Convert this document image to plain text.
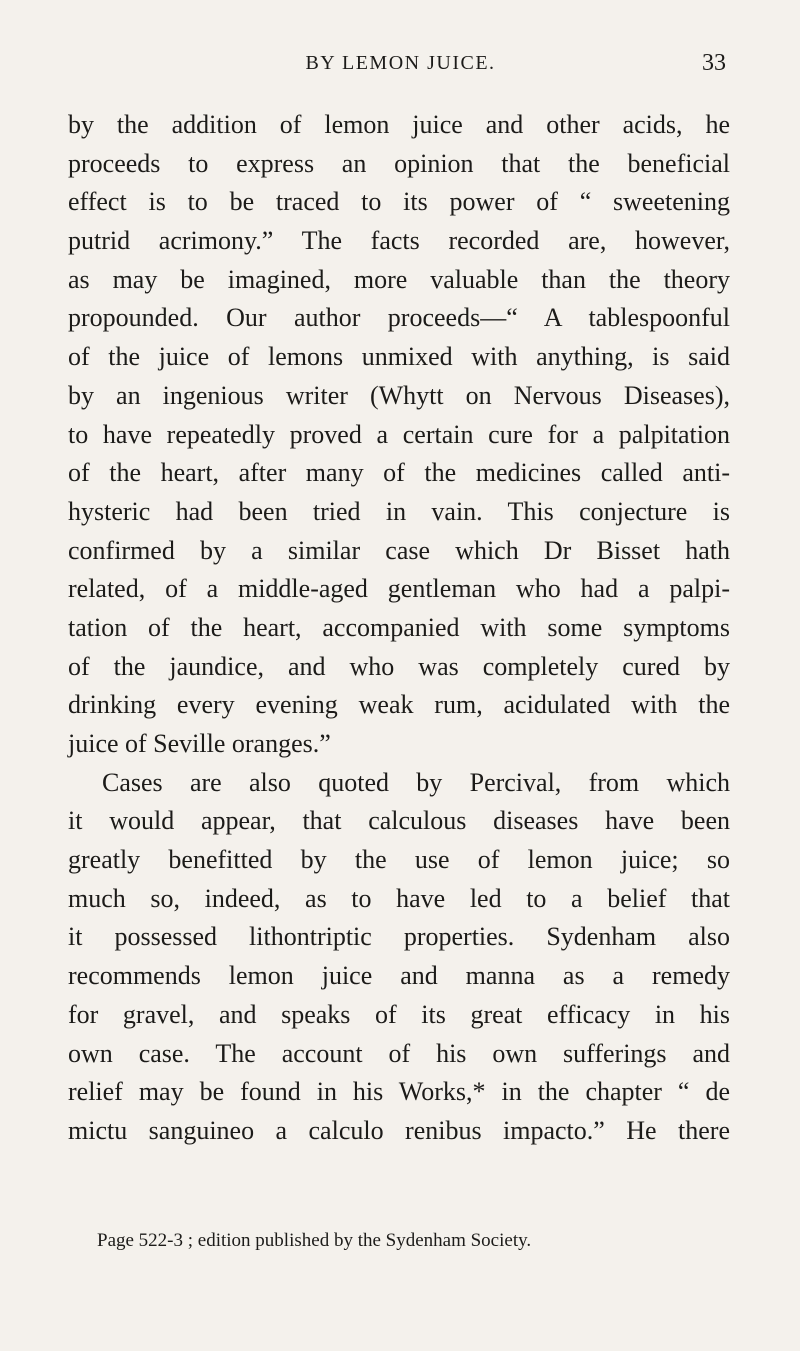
BY LEMON JUICE.	33
by the addition of lemon juice and other acids, he
proceeds to express an opinion that the beneficial
effect is to be traced to its power of “ sweetening
putrid acrimony.” The facts recorded are, however,
as may be imagined, more valuable than the theory
propounded. Our author proceeds—“ A tablespoonful
of the juice of lemons unmixed with anything, is said
by an ingenious writer (Whytt on Nervous Diseases),
to have repeatedly proved a certain cure for a palpitation
of the heart, after many of the medicines called anti-
hysteric had been tried in vain. This conjecture is
confirmed by a similar case which Dr Bisset hath
related, of a middle-aged gentleman who had a palpi-
tation of the heart, accompanied with some symptoms
of the jaundice, and who was completely cured by
drinking every evening weak rum, acidulated with the
juice of Seville oranges.”
Cases are also quoted by Percival, from which
it would appear, that calculous diseases have been
greatly benefitted by the use of lemon juice; so
much so, indeed, as to have led to a belief that
it possessed lithontriptic properties. Sydenham also
recommends lemon juice and manna as a remedy
for gravel, and speaks of its great efficacy in his
own case. The account of his own sufferings and
relief may be found in his Works,* in the chapter “ de
mictu sanguineo a calculo renibus impacto.” He there
Page 522-3 ; edition published by the Sydenham Society.
